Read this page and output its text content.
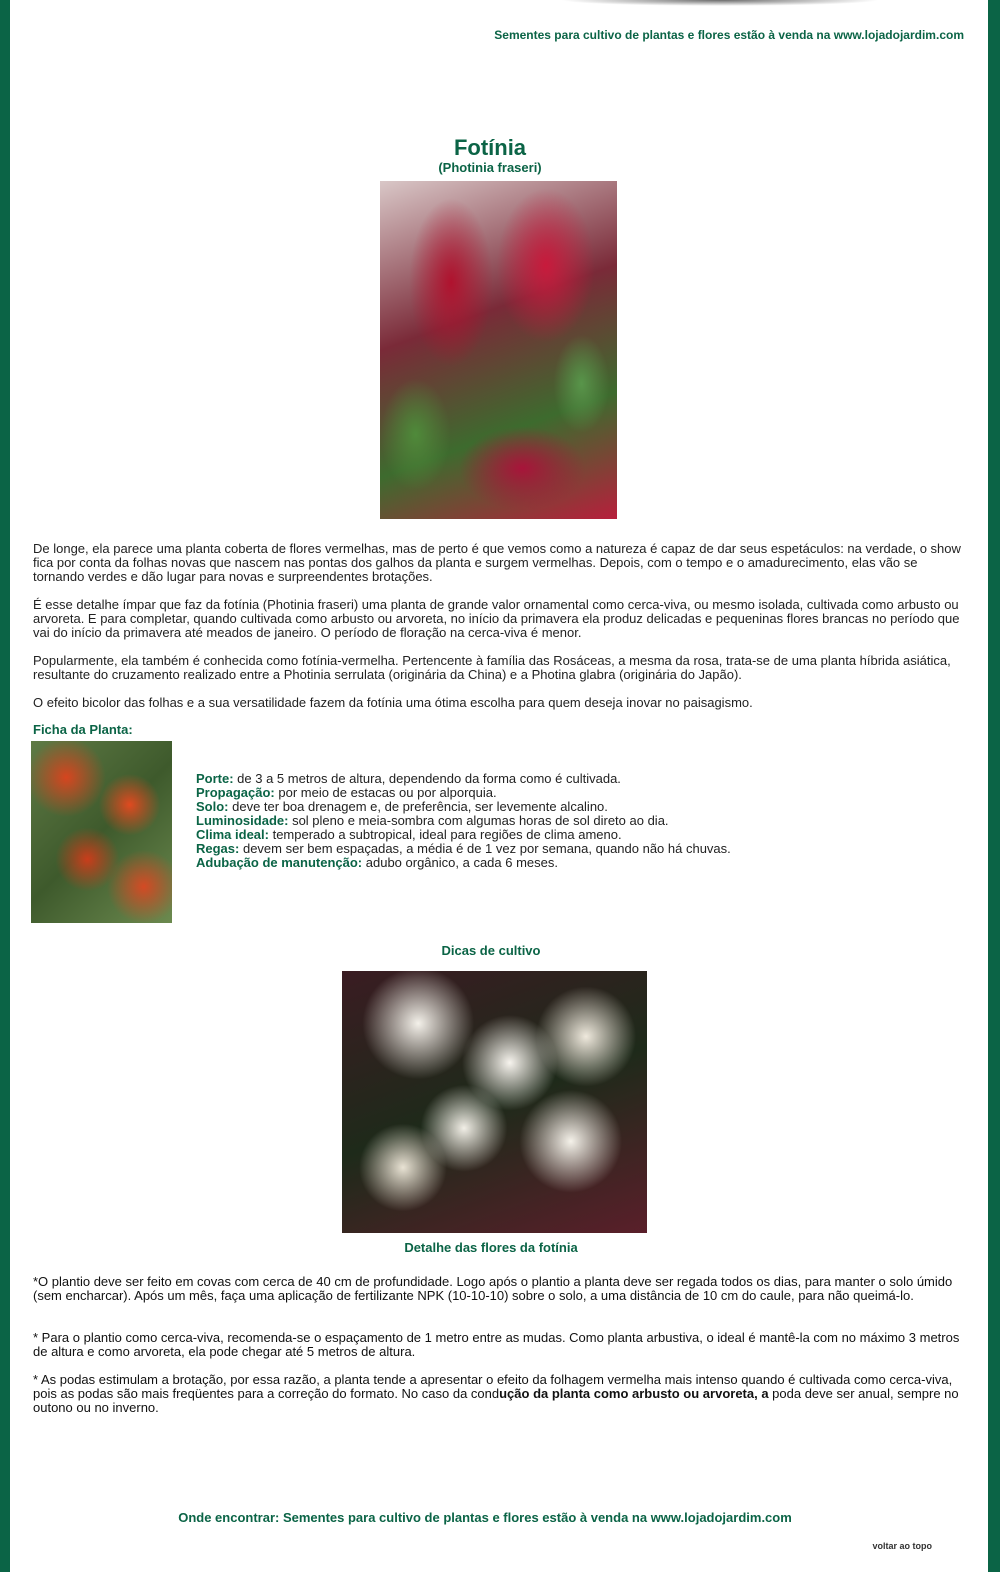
Sementes para cultivo de plantas e flores estão à venda na www.lojadojardim.com
Fotínia
(Photinia fraseri)
De longe, ela parece uma planta coberta de flores vermelhas, mas de perto é que vemos como a natureza é capaz de dar seus espetáculos: na verdade, o show fica por conta da folhas novas que nascem nas pontas dos galhos da planta e surgem vermelhas. Depois, com o tempo e o amadurecimento, elas vão se tornando verdes e dão lugar para novas e surpreendentes brotações.
É esse detalhe ímpar que faz da fotínia (Photinia fraseri) uma planta de grande valor ornamental como cerca-viva, ou mesmo isolada, cultivada como arbusto ou arvoreta. E para completar, quando cultivada como arbusto ou arvoreta, no início da primavera ela produz delicadas e pequeninas flores brancas no período que vai do início da primavera até meados de janeiro. O período de floração na cerca-viva é menor.
Popularmente, ela também é conhecida como fotínia-vermelha. Pertencente à família das Rosáceas, a mesma da rosa, trata-se de uma planta híbrida asiática, resultante do cruzamento realizado entre a Photinia serrulata (originária da China) e a Photina glabra (originária do Japão).
O efeito bicolor das folhas e a sua versatilidade fazem da fotínia uma ótima escolha para quem deseja inovar no paisagismo.
Ficha da Planta:
Porte: de 3 a 5 metros de altura, dependendo da forma como é cultivada.
Propagação: por meio de estacas ou por alporquia.
Solo: deve ter boa drenagem e, de preferência, ser levemente alcalino.
Luminosidade: sol pleno e meia-sombra com algumas horas de sol direto ao dia.
Clima ideal: temperado a subtropical, ideal para regiões de clima ameno.
Regas: devem ser bem espaçadas, a média é de 1 vez por semana, quando não há chuvas.
Adubação de manutenção: adubo orgânico, a cada 6 meses.
Dicas de cultivo
Detalhe das flores da fotínia
*O plantio deve ser feito em covas com cerca de 40 cm de profundidade. Logo após o plantio a planta deve ser regada todos os dias, para manter o solo úmido (sem encharcar). Após um mês, faça uma aplicação de fertilizante NPK (10-10-10) sobre o solo, a uma distância de 10 cm do caule, para não queimá-lo.
* Para o plantio como cerca-viva, recomenda-se o espaçamento de 1 metro entre as mudas. Como planta arbustiva, o ideal é mantê-la com no máximo 3 metros de altura e como arvoreta, ela pode chegar até 5 metros de altura.
* As podas estimulam a brotação, por essa razão, a planta tende a apresentar o efeito da folhagem vermelha mais intenso quando é cultivada como cerca-viva, pois as podas são mais freqüentes para a correção do formato. No caso da condução da planta como arbusto ou arvoreta, a poda deve ser anual, sempre no outono ou no inverno.
Onde encontrar: Sementes para cultivo de plantas e flores estão à venda na www.lojadojardim.com
voltar ao topo
